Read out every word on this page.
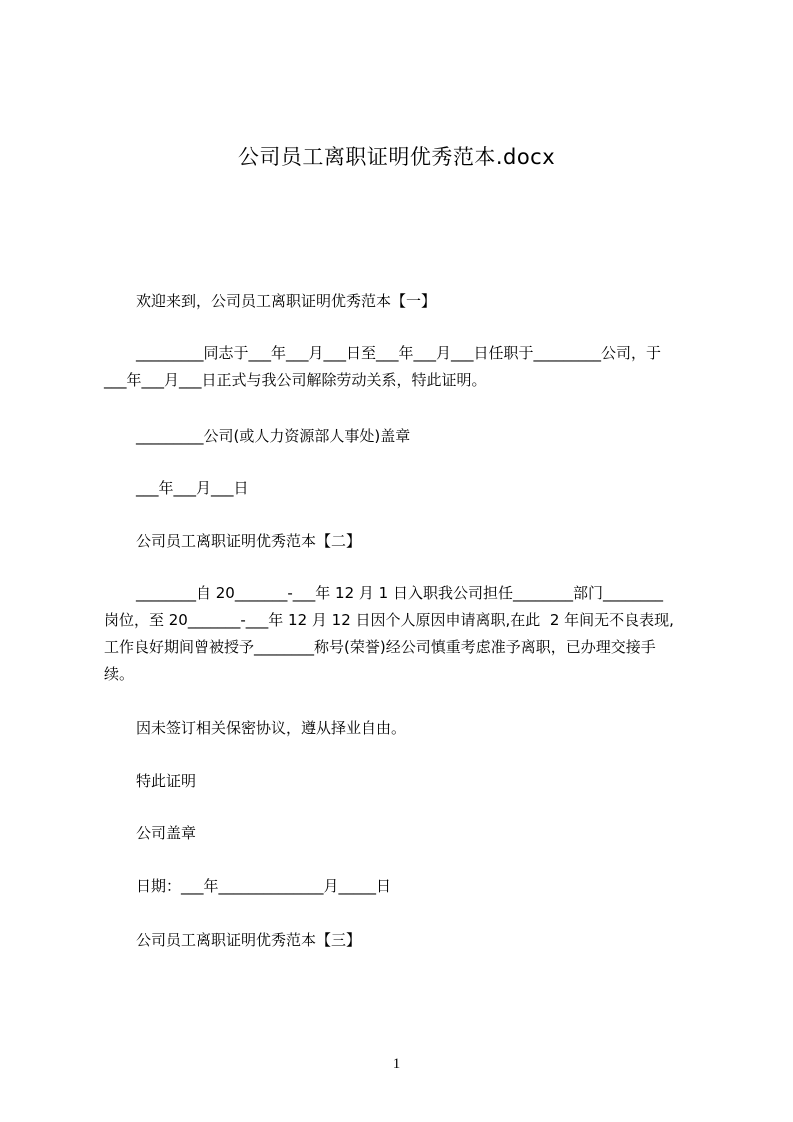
公司员工离职证明优秀范本.docx
欢迎来到，公司员工离职证明优秀范本【一】
_________同志于___年___月___日至___年___月___日任职于_________公司，于
___年___月___日正式与我公司解除劳动关系，特此证明。
_________公司(或人力资源部人事处)盖章
___年___月___日
公司员工离职证明优秀范本【二】
________自 20_______-___年 12 月 1 日入职我公司担任________部门________
岗位，至 20_______-___年 12 月 12 日因个人原因申请离职,在此  2 年间无不良表现,
工作良好期间曾被授予________称号(荣誉)经公司慎重考虑准予离职，已办理交接手
续。
因未签订相关保密协议，遵从择业自由。
特此证明
公司盖章
日期：___年______________月_____日
公司员工离职证明优秀范本【三】
1
